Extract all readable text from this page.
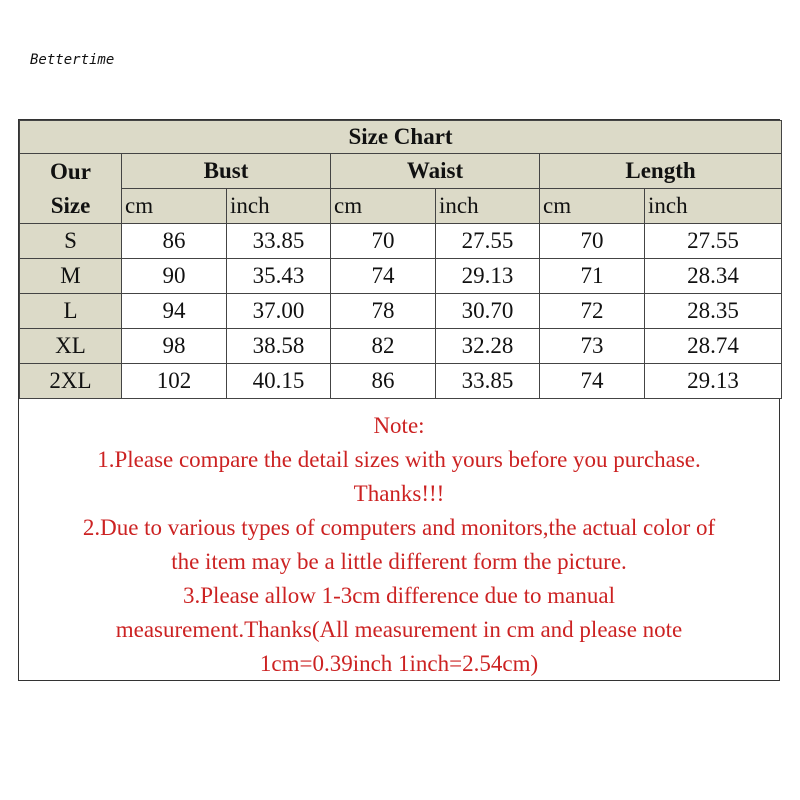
Bettertime
Size Chart						

Our
Size	Bust		Waist		Length	
	cm	inch	cm	inch	cm	inch
S	86	33.85	70	27.55	70	27.55
M	90	35.43	74	29.13	71	28.34
L	94	37.00	78	30.70	72	28.35
XL	98	38.58	82	32.28	73	28.74
2XL	102	40.15	86	33.85	74	29.13
Note:
1.Please compare the detail sizes with yours before you purchase.
Thanks!!!
2.Due to various types of computers and monitors,the actual color of
the item may be a little different form the picture.
3.Please allow 1-3cm difference due to manual
measurement.Thanks(All measurement in cm and please note
1cm=0.39inch 1inch=2.54cm)
